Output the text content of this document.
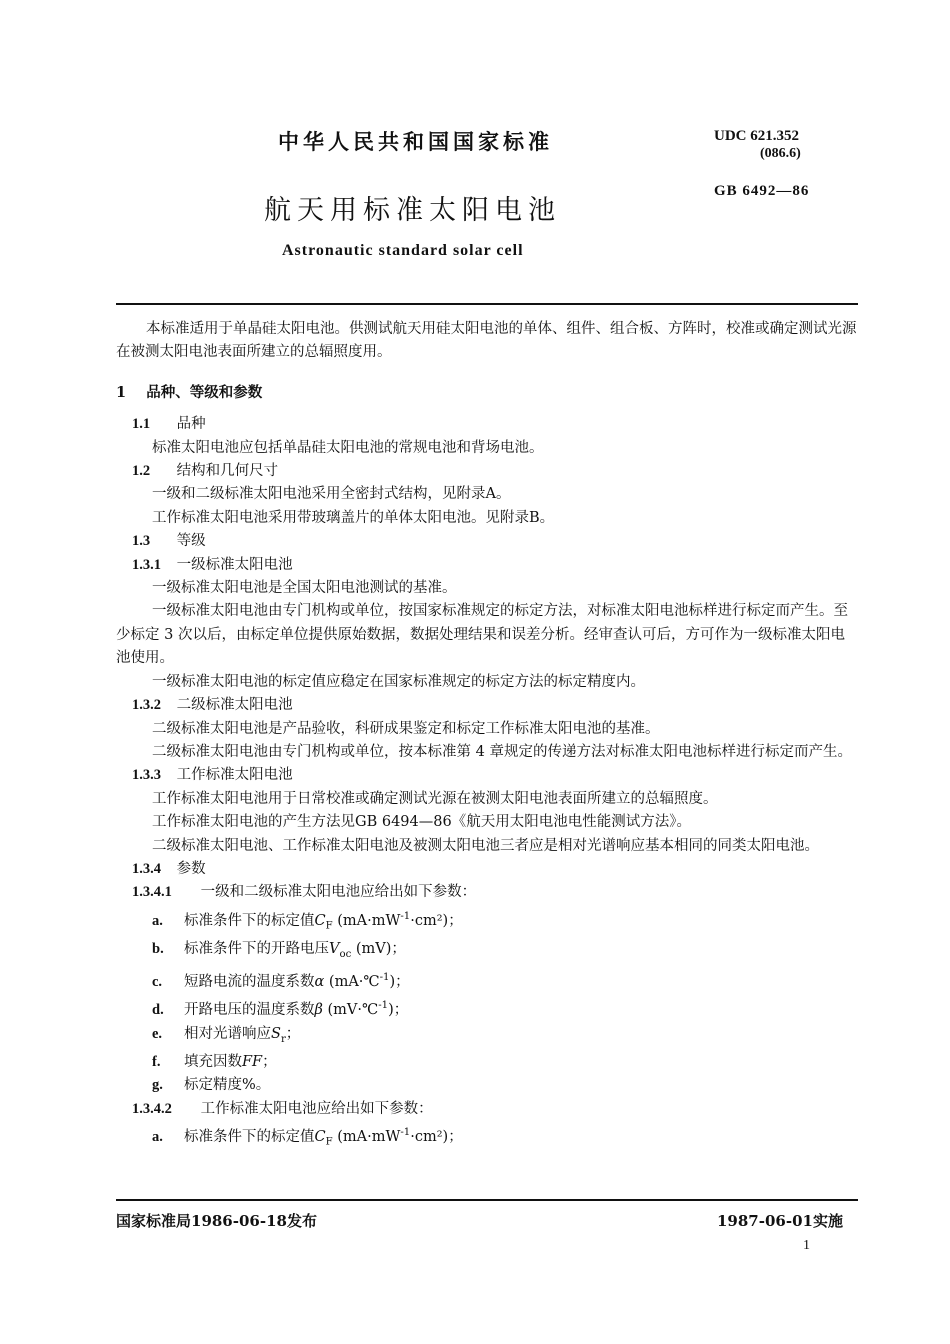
中华人民共和国国家标准	UDC 621.352
(086.6)
GB 6492—86
航天用标准太阳电池
Astronautic standard solar cell

本标准适用于单晶硅太阳电池。供测试航天用硅太阳电池的单体、组件、组合板、方阵时，校准或确定测试光源在被测太阳电池表面所建立的总辐照度用。

1 品种、等级和参数

1.1 品种

标准太阳电池应包括单晶硅太阳电池的常规电池和背场电池。

1.2 结构和几何尺寸

一级和二级标准太阳电池采用全密封式结构，见附录A。

工作标准太阳电池采用带玻璃盖片的单体太阳电池。见附录B。

1.3 等级

1.3.1 一级标准太阳电池

一级标准太阳电池是全国太阳电池测试的基准。

一级标准太阳电池由专门机构或单位，按国家标准规定的标定方法，对标准太阳电池标样进行标定而产生。至少标定 3 次以后，由标定单位提供原始数据，数据处理结果和误差分析。经审查认可后，方可作为一级标准太阳电池使用。

一级标准太阳电池的标定值应稳定在国家标准规定的标定方法的标定精度内。

1.3.2 二级标准太阳电池

二级标准太阳电池是产品验收，科研成果鉴定和标定工作标准太阳电池的基准。

二级标准太阳电池由专门机构或单位，按本标准第 4 章规定的传递方法对标准太阳电池标样进行标定而产生。

1.3.3 工作标准太阳电池

工作标准太阳电池用于日常校准或确定测试光源在被测太阳电池表面所建立的总辐照度。

工作标准太阳电池的产生方法见GB 6494—86《航天用太阳电池电性能测试方法》。

二级标准太阳电池、工作标准太阳电池及被测太阳电池三者应是相对光谱响应基本相同的同类太阳电池。

1.3.4 参数

1.3.4.1 一级和二级标准太阳电池应给出如下参数：

a. 标准条件下的标定值$C_F$ $(mA\cdot mW^{-1}\cdot cm^2)$；

b. 标准条件下的开路电压$V_{oc}$ (mV)；

c. 短路电流的温度系数α (mA·℃$^{-1}$)；

d. 开路电压的温度系数β (mV·℃$^{-1}$)；

e. 相对光谱响应$S_r$；

f. 填充因数FF；

g. 标定精度%。

1.3.4.2 工作标准太阳电池应给出如下参数：

a. 标准条件下的标定值$C_F$ $(mA\cdot mW^{-1}\cdot cm^2)$；

国家标准局1986-06-18发布	1987-06-01实施
1
